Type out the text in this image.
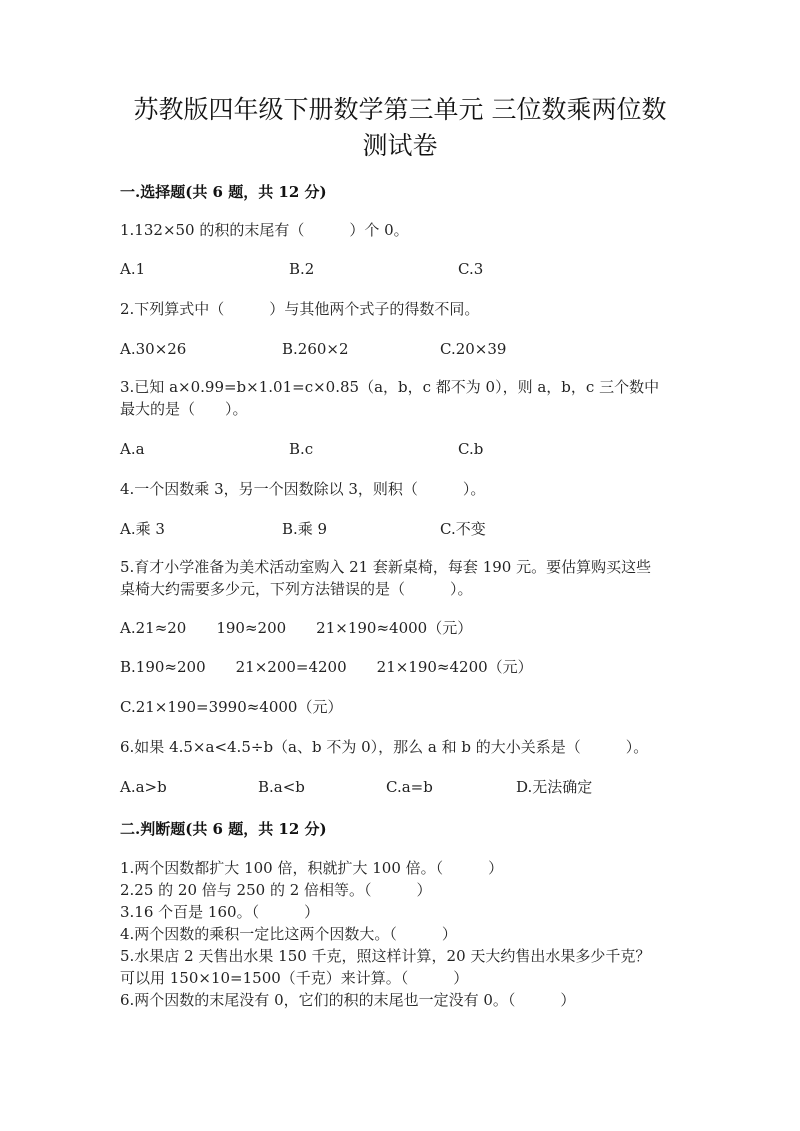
苏教版四年级下册数学第三单元 三位数乘两位数
测试卷
一.选择题(共 6 题，共 12 分)
1.132×50 的积的末尾有（　　　）个 0。
A.1	B.2	C.3
2.下列算式中（　　　）与其他两个式子的得数不同。
A.30×26	B.260×2	C.20×39
3.已知 a×0.99=b×1.01=c×0.85（a，b，c 都不为 0），则 a，b，c 三个数中
最大的是（　　）。
A.a	B.c	C.b
4.一个因数乘 3，另一个因数除以 3，则积（　　　）。
A.乘 3	B.乘 9	C.不变
5.育才小学准备为美术活动室购入 21 套新桌椅，每套 190 元。要估算购买这些
桌椅大约需要多少元，下列方法错误的是（　　　）。
A.21≈20　　190≈200　　21×190≈4000（元）
B.190≈200　　21×200=4200　　21×190≈4200（元）
C.21×190=3990≈4000（元）
6.如果 4.5×a<4.5÷b（a、b 不为 0），那么 a 和 b 的大小关系是（　　　）。
A.a>b	B.a<b	C.a=b	D.无法确定
二.判断题(共 6 题，共 12 分)
1.两个因数都扩大 100 倍，积就扩大 100 倍。（　　　）
2.25 的 20 倍与 250 的 2 倍相等。（　　　）
3.16 个百是 160。（　　　）
4.两个因数的乘积一定比这两个因数大。（　　　）
5.水果店 2 天售出水果 150 千克，照这样计算，20 天大约售出水果多少千克？
可以用 150×10=1500（千克）来计算。（　　　）
6.两个因数的末尾没有 0，它们的积的末尾也一定没有 0。（　　　）
